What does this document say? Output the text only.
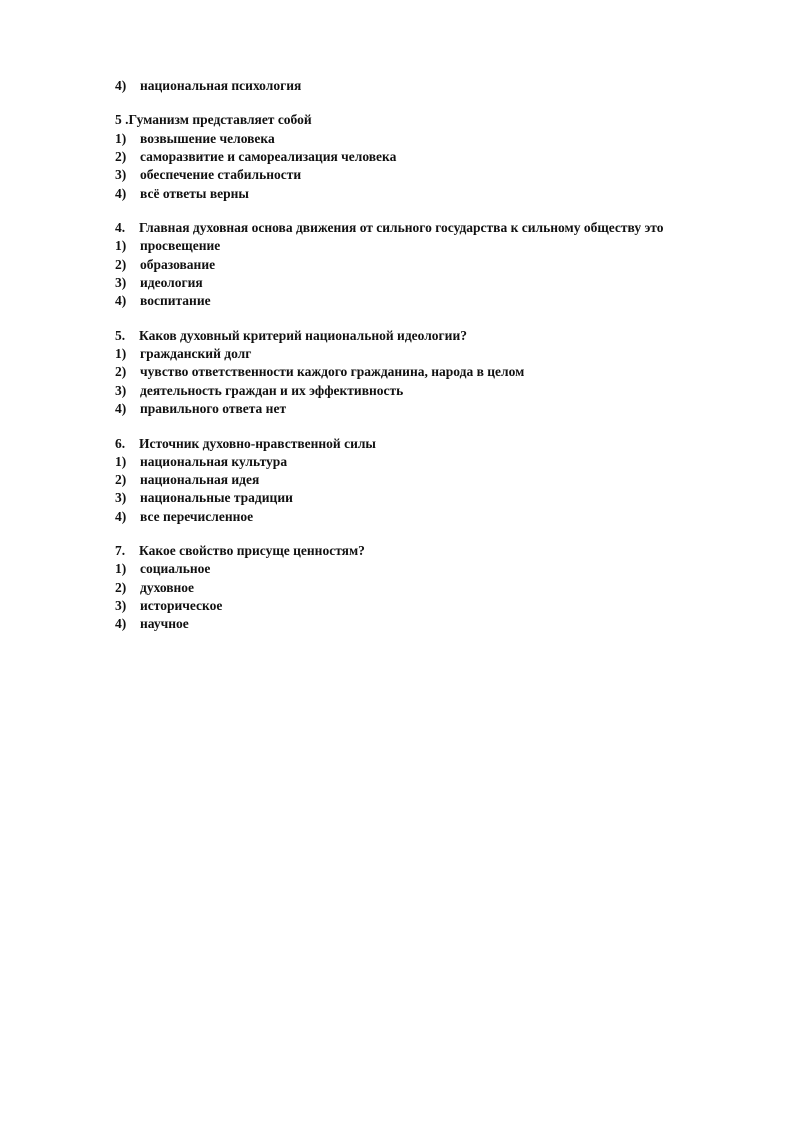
4) национальная психология
5 .Гуманизм представляет собой
1) возвышение человека
2) саморазвитие и самореализация человека
3) обеспечение стабильности
4) всё ответы верны
4. Главная духовная основа движения от сильного государства к сильному обществу это
1) просвещение
2) образование
3) идеология
4) воспитание
5. Каков духовный критерий национальной идеологии?
1) гражданский долг
2) чувство ответственности каждого гражданина, народа в целом
3) деятельность граждан и их эффективность
4) правильного ответа нет
6. Источник духовно-нравственной силы
1) национальная культура
2) национальная идея
3) национальные традиции
4) все перечисленное
7. Какое свойство присуще ценностям?
1) социальное
2) духовное
3) историческое
4) научное
